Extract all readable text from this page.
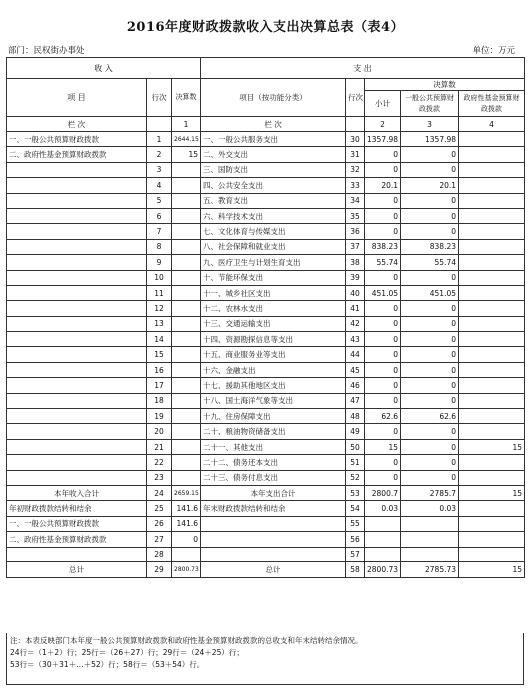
2016年度财政拨款收入支出决算总表（表4）
部门：民权街办事处	单位：万元
收 入			支 出				
项 目	行次	决算数	项目（按功能分类）	行次	决算数		
					小计	一般公共预算财政拨款	政府性基金预算财政拨款
栏 次		1	栏 次		2	3	4
一、一般公共预算财政拨款	1	2644.15	一、一般公共服务支出	30	1357.98	1357.98	
二、政府性基金预算财政拨款	2	15	二、外交支出	31	0	0	
	3		三、国防支出	32	0	0	
	4		四、公共安全支出	33	20.1	20.1	
	5		五、教育支出	34	0	0	
	6		六、科学技术支出	35	0	0	
	7		七、文化体育与传媒支出	36	0	0	
	8		八、社会保障和就业支出	37	838.23	838.23	
	9		九、医疗卫生与计划生育支出	38	55.74	55.74	
	10		十、节能环保支出	39	0	0	
	11		十一、城乡社区支出	40	451.05	451.05	
	12		十二、农林水支出	41	0	0	
	13		十三、交通运输支出	42	0	0	
	14		十四、资源勘探信息等支出	43	0	0	
	15		十五、商业服务业等支出	44	0	0	
	16		十六、金融支出	45	0	0	
	17		十七、援助其他地区支出	46	0	0	
	18		十八、国土海洋气象等支出	47	0	0	
	19		十九、住房保障支出	48	62.6	62.6	
	20		二十、粮油物资储备支出	49	0	0	
	21		二十一、其他支出	50	15	0	15
	22		二十二、债务还本支出	51	0	0	
	23		二十三、债务付息支出	52	0	0	
本年收入合计	24	2659.15	本年支出合计	53	2800.7	2785.7	15
年初财政拨款结转和结余	25	141.6	年末财政拨款结转和结余	54	0.03	0.03	
一、一般公共预算财政拨款	26	141.6		55			
二、政府性基金预算财政拨款	27	0		56			
	28			57			
总计	29	2800.73	总计	58	2800.73	2785.73	15
注：本表反映部门本年度一般公共预算财政拨款和政府性基金预算财政拨款的总收支和年末结转结余情况。
24行＝（1＋2）行；25行＝（26＋27）行；29行＝（24＋25）行；
53行＝（30＋31＋…＋52）行；58行＝（53＋54）行。
